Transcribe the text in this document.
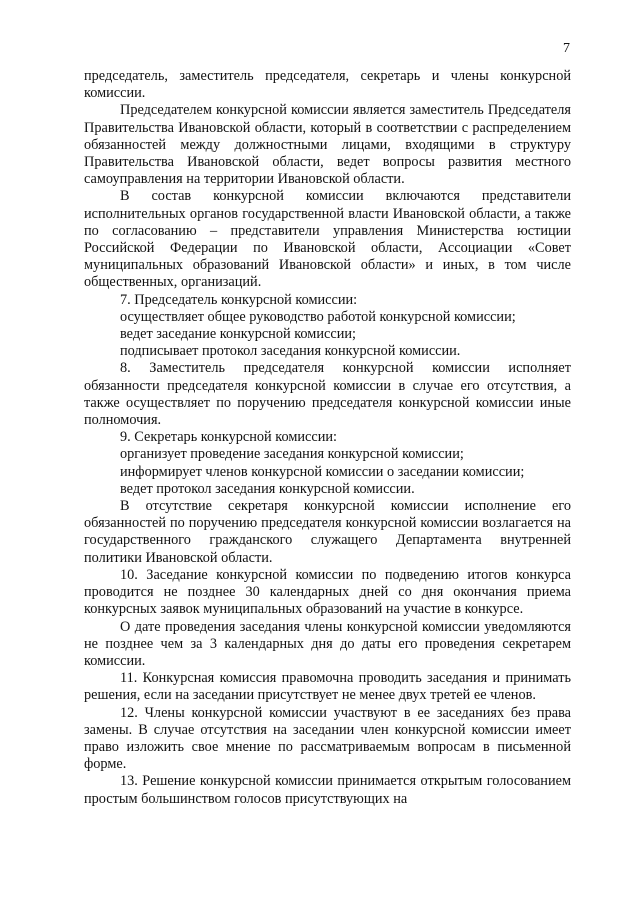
7

председатель, заместитель председателя, секретарь и члены конкурсной комиссии.

Председателем конкурсной комиссии является заместитель Председателя Правительства Ивановской области, который в соответствии с распределением обязанностей между должностными лицами, входящими в структуру Правительства Ивановской области, ведет вопросы развития местного самоуправления на территории Ивановской области.

В состав конкурсной комиссии включаются представители исполнительных органов государственной власти Ивановской области, а также по согласованию – представители управления Министерства юстиции Российской Федерации по Ивановской области, Ассоциации «Совет муниципальных образований Ивановской области» и иных, в том числе общественных, организаций.

7. Председатель конкурсной комиссии:

осуществляет общее руководство работой конкурсной комиссии;

ведет заседание конкурсной комиссии;

подписывает протокол заседания конкурсной комиссии.

8. Заместитель председателя конкурсной комиссии исполняет обязанности председателя конкурсной комиссии в случае его отсутствия, а также осуществляет по поручению председателя конкурсной комиссии иные полномочия.

9. Секретарь конкурсной комиссии:

организует проведение заседания конкурсной комиссии;

информирует членов конкурсной комиссии о заседании комиссии;

ведет протокол заседания конкурсной комиссии.

В отсутствие секретаря конкурсной комиссии исполнение его обязанностей по поручению председателя конкурсной комиссии возлагается на государственного гражданского служащего Департамента внутренней политики Ивановской области.

10. Заседание конкурсной комиссии по подведению итогов конкурса проводится не позднее 30 календарных дней со дня окончания приема конкурсных заявок муниципальных образований на участие в конкурсе.

О дате проведения заседания члены конкурсной комиссии уведомляются не позднее чем за 3 календарных дня до даты его проведения секретарем комиссии.

11. Конкурсная комиссия правомочна проводить заседания и принимать решения, если на заседании присутствует не менее двух третей ее членов.

12. Члены конкурсной комиссии участвуют в ее заседаниях без права замены. В случае отсутствия на заседании член конкурсной комиссии имеет право изложить свое мнение по рассматриваемым вопросам в письменной форме.

13. Решение конкурсной комиссии принимается открытым голосованием простым большинством голосов присутствующих на
